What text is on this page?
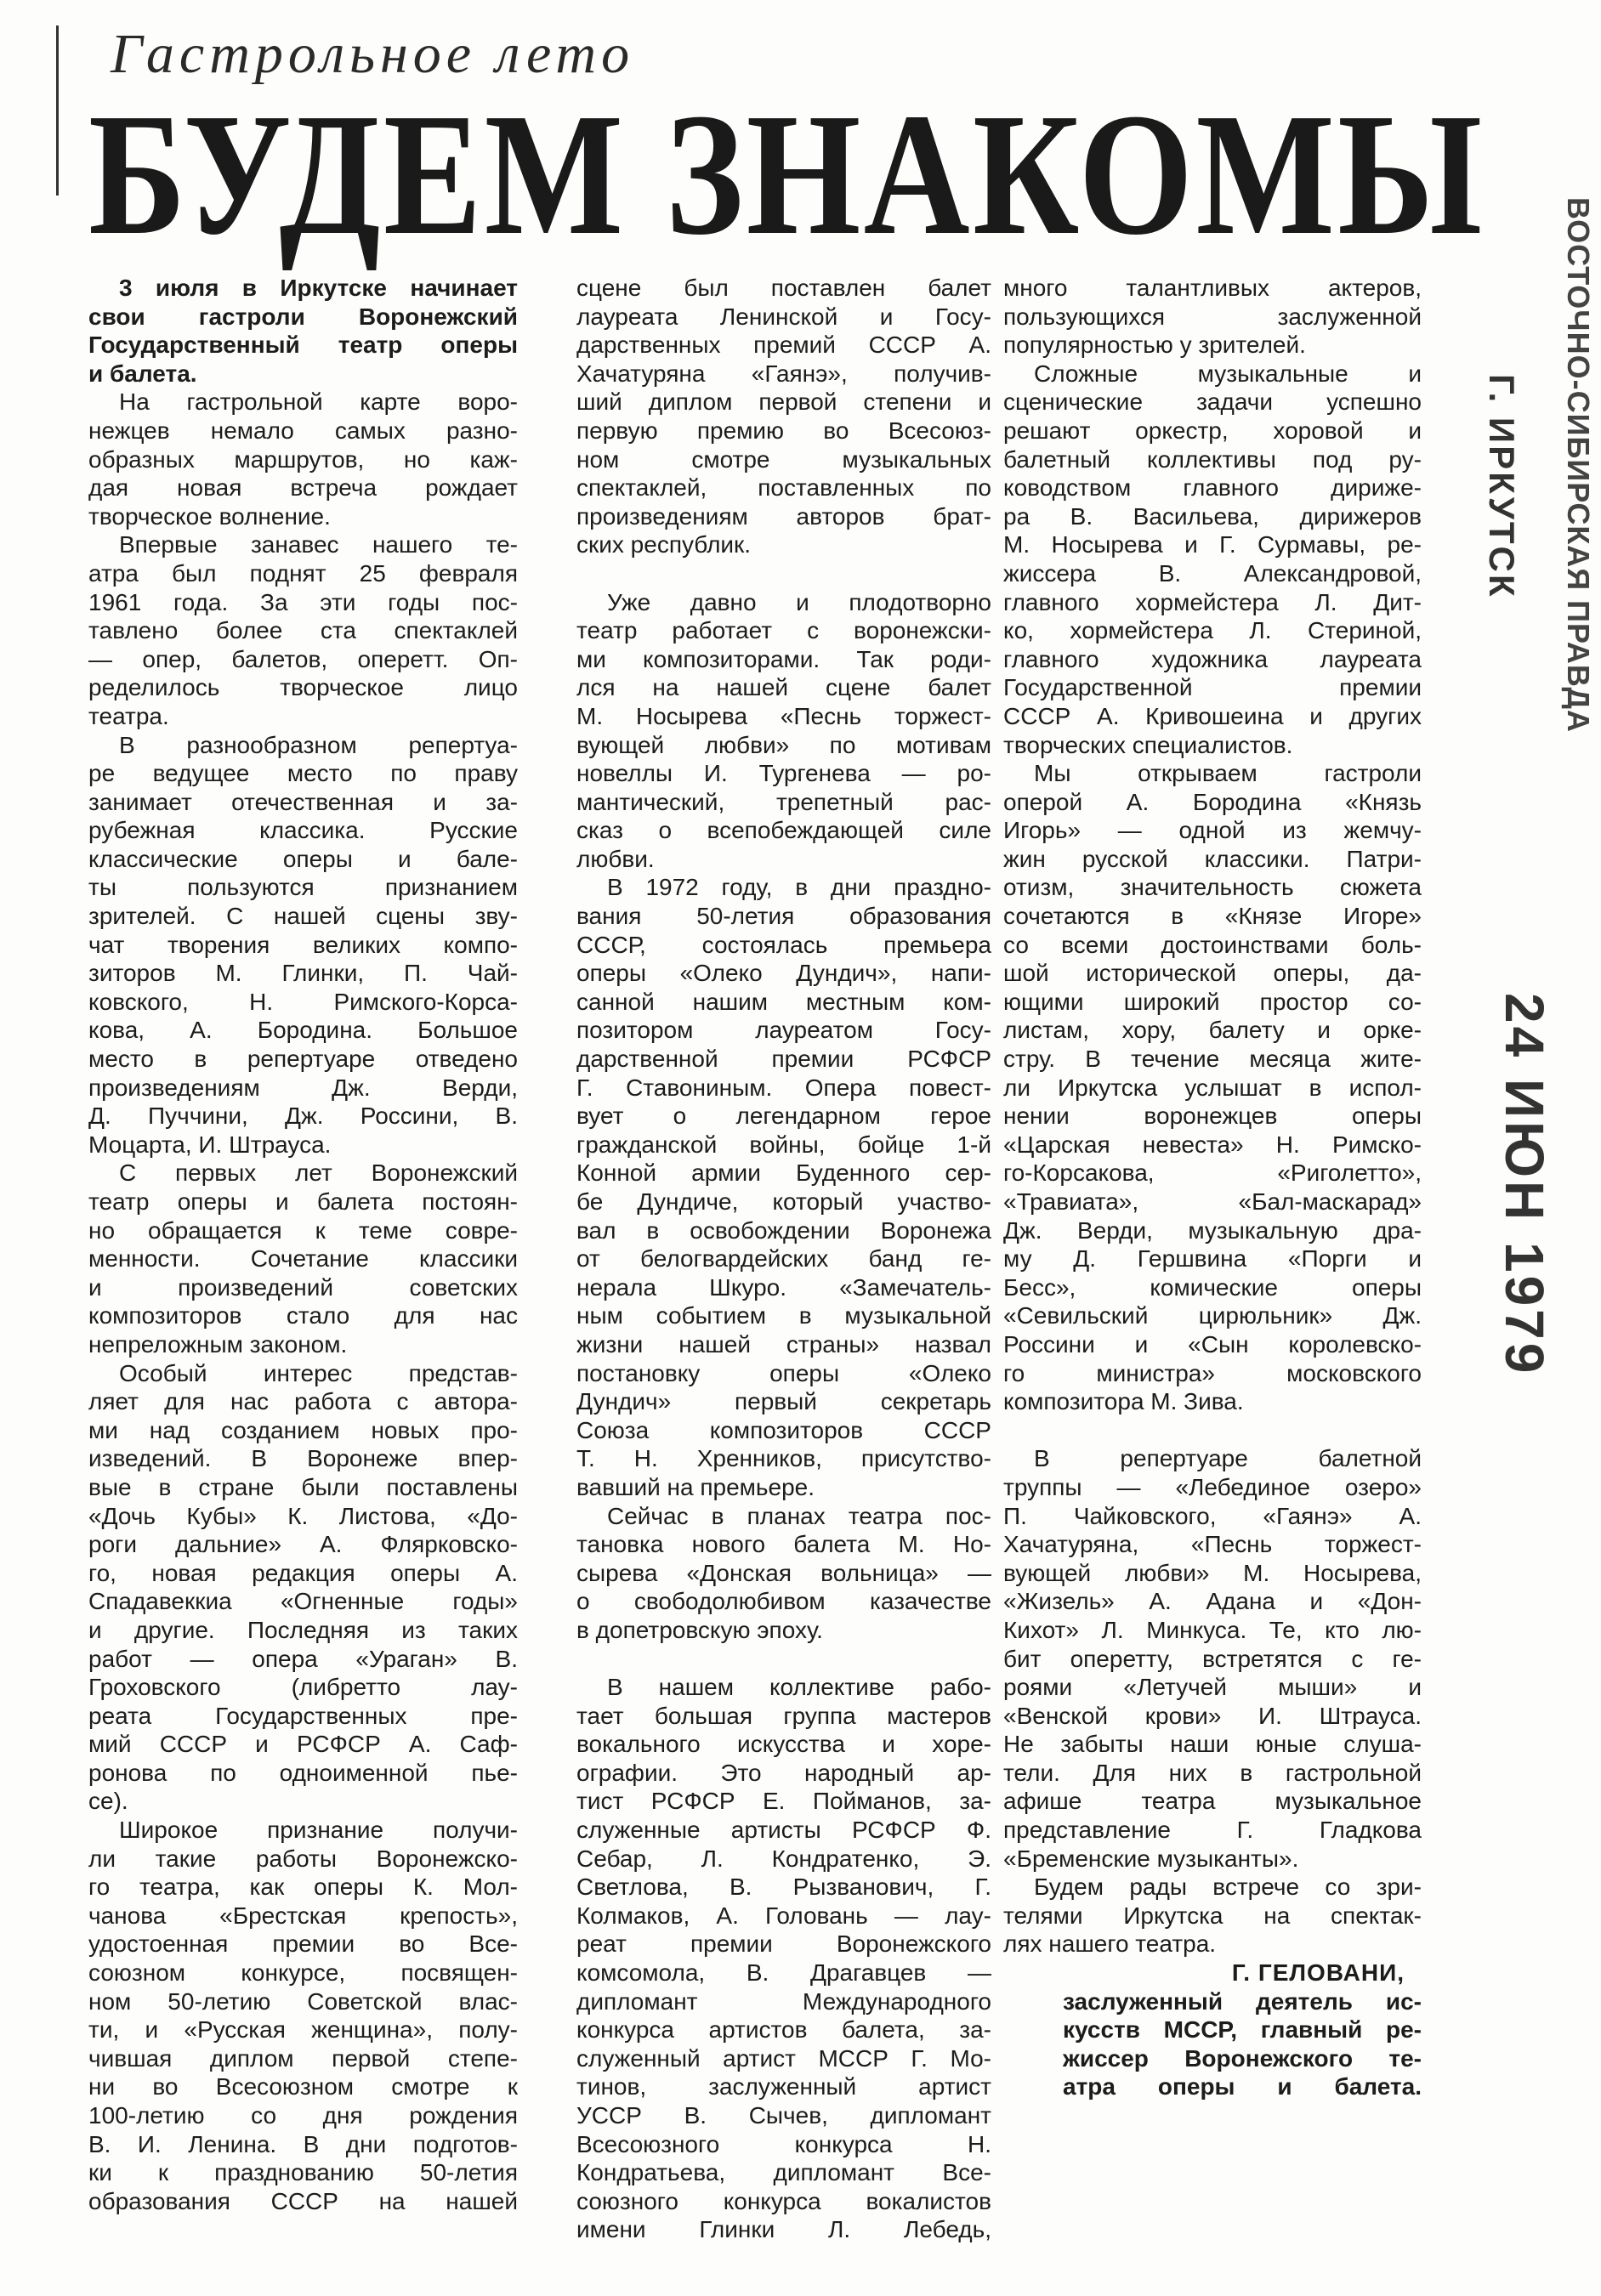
Гастрольное лето
БУДЕМ ЗНАКОМЫ
ВОСТОЧНО-СИБИРСКАЯ ПРАВДА
Г. ИРКУТСК
24 ИЮН 1979
3 июля в Иркутске начинает
свои гастроли Воронежский
Государственный театр оперы
и балета.
На гастрольной карте воро-
нежцев немало самых разно-
образных маршрутов, но каж-
дая новая встреча рождает
творческое волнение.
Впервые занавес нашего те-
атра был поднят 25 февраля
1961 года. За эти годы пос-
тавлено более ста спектаклей
— опер, балетов, оперетт. Оп-
ределилось творческое лицо
театра.
В разнообразном репертуа-
ре ведущее место по праву
занимает отечественная и за-
рубежная классика. Русские
классические оперы и бале-
ты пользуются признанием
зрителей. С нашей сцены зву-
чат творения великих компо-
зиторов М. Глинки, П. Чай-
ковского, Н. Римского-Корса-
кова, А. Бородина. Большое
место в репертуаре отведено
произведениям Дж. Верди,
Д. Пуччини, Дж. Россини, В.
Моцарта, И. Штрауса.
С первых лет Воронежский
театр оперы и балета постоян-
но обращается к теме совре-
менности. Сочетание классики
и произведений советских
композиторов стало для нас
непреложным законом.
Особый интерес представ-
ляет для нас работа с автора-
ми над созданием новых про-
изведений. В Воронеже впер-
вые в стране были поставлены
«Дочь Кубы» К. Листова, «До-
роги дальние» А. Флярковско-
го, новая редакция оперы А.
Спадавеккиа «Огненные годы»
и другие. Последняя из таких
работ — опера «Ураган» В.
Гроховского (либретто лау-
реата Государственных пре-
мий СССР и РСФСР А. Саф-
ронова по одноименной пье-
се).
Широкое признание получи-
ли такие работы Воронежско-
го театра, как оперы К. Мол-
чанова «Брестская крепость»,
удостоенная премии во Все-
союзном конкурсе, посвящен-
ном 50-летию Советской влас-
ти, и «Русская женщина», полу-
чившая диплом первой степе-
ни во Всесоюзном смотре к
100-летию со дня рождения
В. И. Ленина. В дни подготов-
ки к празднованию 50-летия
образования СССР на нашей
сцене был поставлен балет
лауреата Ленинской и Госу-
дарственных премий СССР А.
Хачатуряна «Гаянэ», получив-
ший диплом первой степени и
первую премию во Всесоюз-
ном смотре музыкальных
спектаклей, поставленных по
произведениям авторов брат-
ских республик.
Уже давно и плодотворно
театр работает с воронежски-
ми композиторами. Так роди-
лся на нашей сцене балет
М. Носырева «Песнь торжест-
вующей любви» по мотивам
новеллы И. Тургенева — ро-
мантический, трепетный рас-
сказ о всепобеждающей силе
любви.
В 1972 году, в дни праздно-
вания 50-летия образования
СССР, состоялась премьера
оперы «Олеко Дундич», напи-
санной нашим местным ком-
позитором лауреатом Госу-
дарственной премии РСФСР
Г. Ставониным. Опера повест-
вует о легендарном герое
гражданской войны, бойце 1-й
Конной армии Буденного сер-
бе Дундиче, который участво-
вал в освобождении Воронежа
от белогвардейских банд ге-
нерала Шкуро. «Замечатель-
ным событием в музыкальной
жизни нашей страны» назвал
постановку оперы «Олеко
Дундич» первый секретарь
Союза композиторов СССР
Т. Н. Хренников, присутство-
вавший на премьере.
Сейчас в планах театра пос-
тановка нового балета М. Но-
сырева «Донская вольница» —
о свободолюбивом казачестве
в допетровскую эпоху.
В нашем коллективе рабо-
тает большая группа мастеров
вокального искусства и хоре-
ографии. Это народный ар-
тист РСФСР Е. Пойманов, за-
служенные артисты РСФСР Ф.
Себар, Л. Кондратенко, Э.
Светлова, В. Рызванович, Г.
Колмаков, А. Головань — лау-
реат премии Воронежского
комсомола, В. Драгавцев —
дипломант Международного
конкурса артистов балета, за-
служенный артист МССР Г. Мо-
тинов, заслуженный артист
УССР В. Сычев, дипломант
Всесоюзного конкурса Н.
Кондратьева, дипломант Все-
союзного конкурса вокалистов
имени Глинки Л. Лебедь,
много талантливых актеров,
пользующихся заслуженной
популярностью у зрителей.
Сложные музыкальные и
сценические задачи успешно
решают оркестр, хоровой и
балетный коллективы под ру-
ководством главного дириже-
ра В. Васильева, дирижеров
М. Носырева и Г. Сурмавы, ре-
жиссера В. Александровой,
главного хормейстера Л. Дит-
ко, хормейстера Л. Стериной,
главного художника лауреата
Государственной премии
СССР А. Кривошеина и других
творческих специалистов.
Мы открываем гастроли
оперой А. Бородина «Князь
Игорь» — одной из жемчу-
жин русской классики. Патри-
отизм, значительность сюжета
сочетаются в «Князе Игоре»
со всеми достоинствами боль-
шой исторической оперы, да-
ющими широкий простор со-
листам, хору, балету и орке-
стру. В течение месяца жите-
ли Иркутска услышат в испол-
нении воронежцев оперы
«Царская невеста» Н. Римско-
го-Корсакова, «Риголетто»,
«Травиата», «Бал-маскарад»
Дж. Верди, музыкальную дра-
му Д. Гершвина «Порги и
Бесс», комические оперы
«Севильский цирюльник» Дж.
Россини и «Сын королевско-
го министра» московского
композитора М. Зива.
В репертуаре балетной
труппы — «Лебединое озеро»
П. Чайковского, «Гаянэ» А.
Хачатуряна, «Песнь торжест-
вующей любви» М. Носырева,
«Жизель» А. Адана и «Дон-
Кихот» Л. Минкуса. Те, кто лю-
бит оперетту, встретятся с ге-
роями «Летучей мыши» и
«Венской крови» И. Штрауса.
Не забыты наши юные слуша-
тели. Для них в гастрольной
афише театра музыкальное
представление Г. Гладкова
«Бременские музыканты».
Будем рады встрече со зри-
телями Иркутска на спектак-
лях нашего театра.
Г. ГЕЛОВАНИ,
заслуженный деятель ис-
кусств МССР, главный ре-
жиссер Воронежского те-
атра оперы и балета.
